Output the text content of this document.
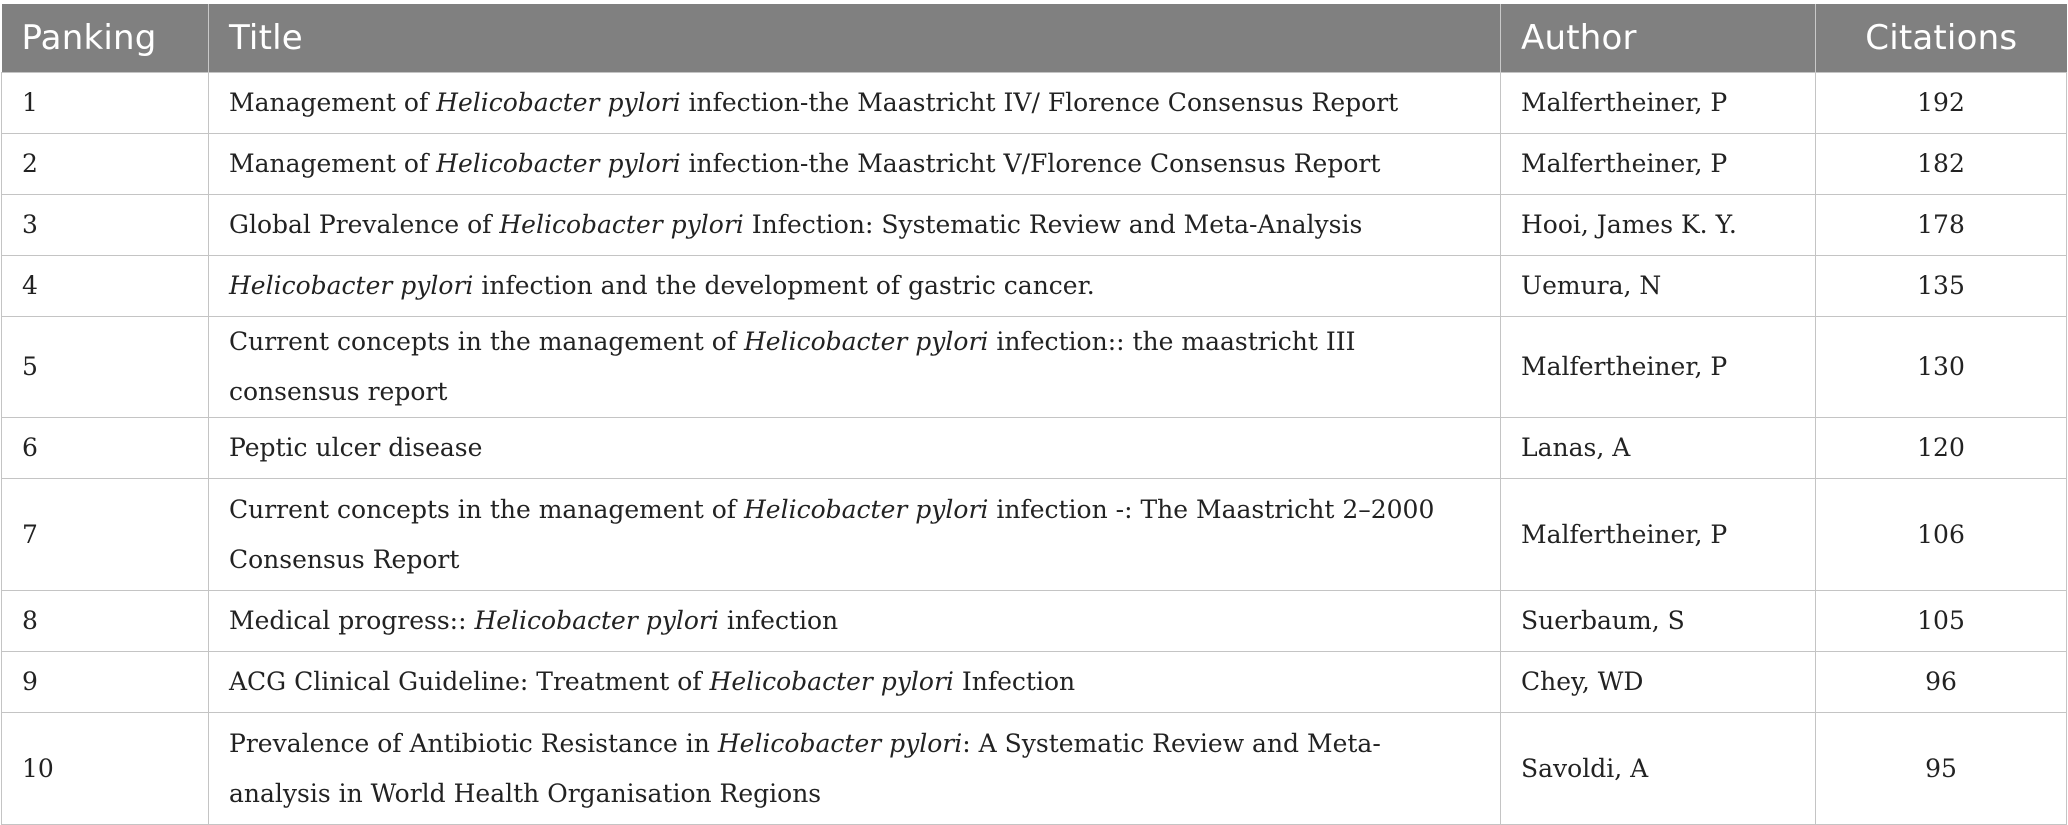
Panking	Title	Author	Citations
1	Management of Helicobacter pylori infection-the Maastricht IV/ Florence Consensus Report	Malfertheiner, P	192
2	Management of Helicobacter pylori infection-the Maastricht V/Florence Consensus Report	Malfertheiner, P	182
3	Global Prevalence of Helicobacter pylori Infection: Systematic Review and Meta-Analysis	Hooi, James K. Y.	178
4	Helicobacter pylori infection and the development of gastric cancer.	Uemura, N	135
5	Current concepts in the management of Helicobacter pylori infection:: the maastricht III consensus report	Malfertheiner, P	130
6	Peptic ulcer disease	Lanas, A	120
7	Current concepts in the management of Helicobacter pylori infection -: The Maastricht 2–2000 Consensus Report	Malfertheiner, P	106
8	Medical progress:: Helicobacter pylori infection	Suerbaum, S	105
9	ACG Clinical Guideline: Treatment of Helicobacter pylori Infection	Chey, WD	96
10	Prevalence of Antibiotic Resistance in Helicobacter pylori: A Systematic Review and Meta-analysis in World Health Organisation Regions	Savoldi, A	95
